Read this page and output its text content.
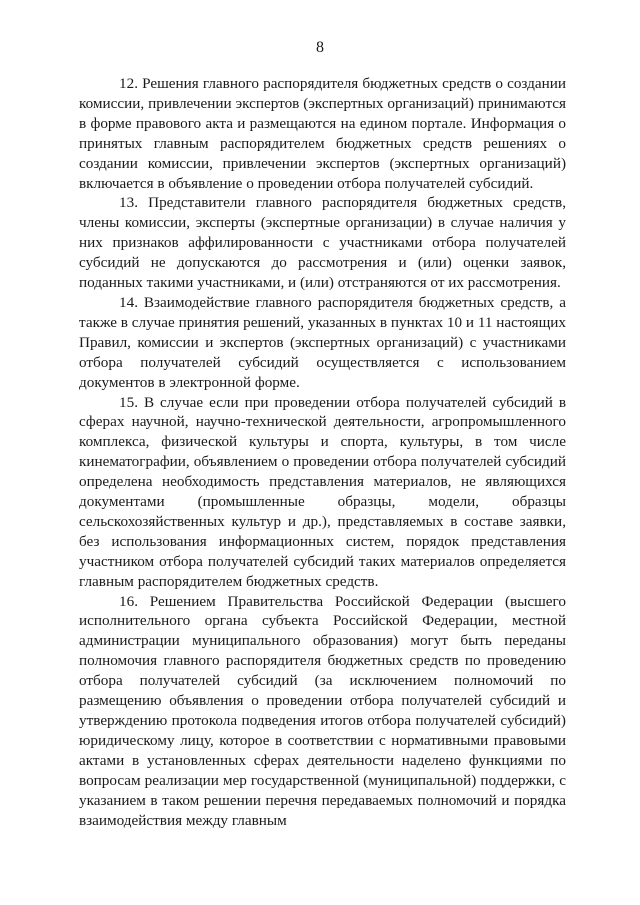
8

12. Решения главного распорядителя бюджетных средств о создании комиссии, привлечении экспертов (экспертных организаций) принимаются в форме правового акта и размещаются на едином портале. Информация о принятых главным распорядителем бюджетных средств решениях о создании комиссии, привлечении экспертов (экспертных организаций) включается в объявление о проведении отбора получателей субсидий.

13. Представители главного распорядителя бюджетных средств, члены комиссии, эксперты (экспертные организации) в случае наличия у них признаков аффилированности с участниками отбора получателей субсидий не допускаются до рассмотрения и (или) оценки заявок, поданных такими участниками, и (или) отстраняются от их рассмотрения.

14. Взаимодействие главного распорядителя бюджетных средств, а также в случае принятия решений, указанных в пунктах 10 и 11 настоящих Правил, комиссии и экспертов (экспертных организаций) с участниками отбора получателей субсидий осуществляется с использованием документов в электронной форме.

15. В случае если при проведении отбора получателей субсидий в сферах научной, научно-технической деятельности, агропромышленного комплекса, физической культуры и спорта, культуры, в том числе кинематографии, объявлением о проведении отбора получателей субсидий определена необходимость представления материалов, не являющихся документами (промышленные образцы, модели, образцы сельскохозяйственных культур и др.), представляемых в составе заявки, без использования информационных систем, порядок представления участником отбора получателей субсидий таких материалов определяется главным распорядителем бюджетных средств.

16. Решением Правительства Российской Федерации (высшего исполнительного органа субъекта Российской Федерации, местной администрации муниципального образования) могут быть переданы полномочия главного распорядителя бюджетных средств по проведению отбора получателей субсидий (за исключением полномочий по размещению объявления о проведении отбора получателей субсидий и утверждению протокола подведения итогов отбора получателей субсидий) юридическому лицу, которое в соответствии с нормативными правовыми актами в установленных сферах деятельности наделено функциями по вопросам реализации мер государственной (муниципальной) поддержки, с указанием в таком решении перечня передаваемых полномочий и порядка взаимодействия между главным
